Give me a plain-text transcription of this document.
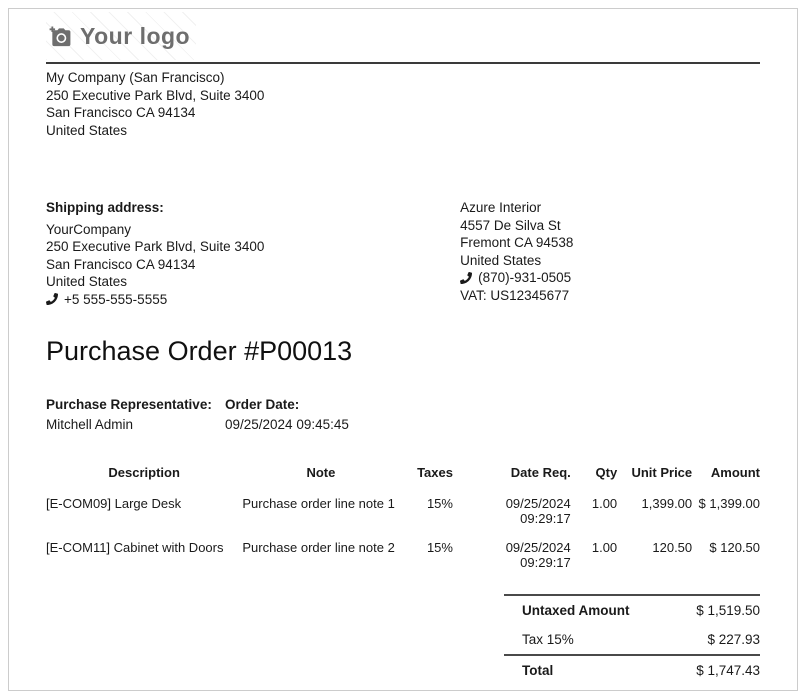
Your logo
My Company (San Francisco)
250 Executive Park Blvd, Suite 3400
San Francisco CA 94134
United States
Shipping address:
YourCompany
250 Executive Park Blvd, Suite 3400
San Francisco CA 94134
United States
+5 555-555-5555
Azure Interior
4557 De Silva St
Fremont CA 94538
United States
(870)-931-0505
VAT: US12345677
Purchase Order #P00013
Purchase Representative:
Mitchell Admin
Order Date:
09/25/2024 09:45:45
Description	Note	Taxes	Date Req.	Qty	Unit Price	Amount
[E-COM09] Large Desk	Purchase order line note 1	15%	09/25/2024 09:29:17	1.00	1,399.00	$ 1,399.00
[E-COM11] Cabinet with Doors	Purchase order line note 2	15%	09/25/2024 09:29:17	1.00	120.50	$ 120.50
Untaxed Amount	$ 1,519.50
Tax 15%	$ 227.93
Total	$ 1,747.43
